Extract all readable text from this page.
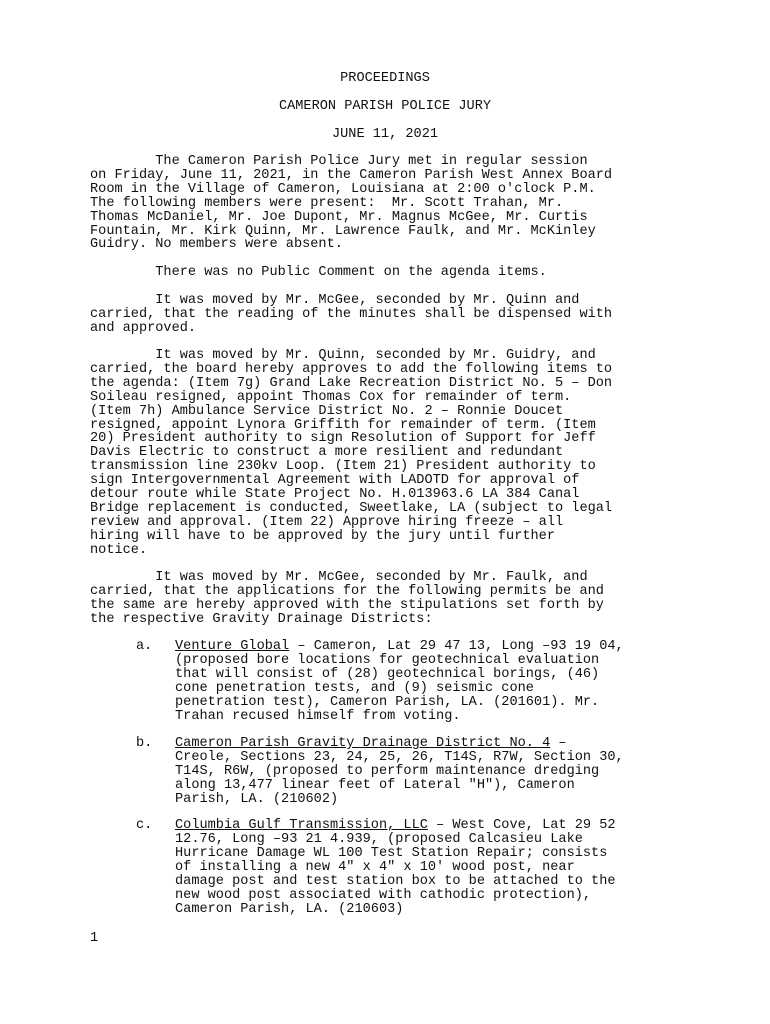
PROCEEDINGS
CAMERON PARISH POLICE JURY
JUNE 11, 2021
The Cameron Parish Police Jury met in regular session
on Friday, June 11, 2021, in the Cameron Parish West Annex Board
Room in the Village of Cameron, Louisiana at 2:00 o'clock P.M.
The following members were present:  Mr. Scott Trahan, Mr.
Thomas McDaniel, Mr. Joe Dupont, Mr. Magnus McGee, Mr. Curtis
Fountain, Mr. Kirk Quinn, Mr. Lawrence Faulk, and Mr. McKinley
Guidry. No members were absent.
There was no Public Comment on the agenda items.
It was moved by Mr. McGee, seconded by Mr. Quinn and
carried, that the reading of the minutes shall be dispensed with
and approved.
It was moved by Mr. Quinn, seconded by Mr. Guidry, and
carried, the board hereby approves to add the following items to
the agenda: (Item 7g) Grand Lake Recreation District No. 5 – Don
Soileau resigned, appoint Thomas Cox for remainder of term.
(Item 7h) Ambulance Service District No. 2 – Ronnie Doucet
resigned, appoint Lynora Griffith for remainder of term. (Item
20) President authority to sign Resolution of Support for Jeff
Davis Electric to construct a more resilient and redundant
transmission line 230kv Loop. (Item 21) President authority to
sign Intergovernmental Agreement with LADOTD for approval of
detour route while State Project No. H.013963.6 LA 384 Canal
Bridge replacement is conducted, Sweetlake, LA (subject to legal
review and approval. (Item 22) Approve hiring freeze – all
hiring will have to be approved by the jury until further
notice.
It was moved by Mr. McGee, seconded by Mr. Faulk, and
carried, that the applications for the following permits be and
the same are hereby approved with the stipulations set forth by
the respective Gravity Drainage Districts:
a. Venture Global – Cameron, Lat 29 47 13, Long –93 19 04,
(proposed bore locations for geotechnical evaluation
that will consist of (28) geotechnical borings, (46)
cone penetration tests, and (9) seismic cone
penetration test), Cameron Parish, LA. (201601). Mr.
Trahan recused himself from voting.
b. Cameron Parish Gravity Drainage District No. 4 –
Creole, Sections 23, 24, 25, 26, T14S, R7W, Section 30,
T14S, R6W, (proposed to perform maintenance dredging
along 13,477 linear feet of Lateral "H"), Cameron
Parish, LA. (210602)
c. Columbia Gulf Transmission, LLC – West Cove, Lat 29 52
12.76, Long –93 21 4.939, (proposed Calcasieu Lake
Hurricane Damage WL 100 Test Station Repair; consists
of installing a new 4" x 4" x 10' wood post, near
damage post and test station box to be attached to the
new wood post associated with cathodic protection),
Cameron Parish, LA. (210603)
1
